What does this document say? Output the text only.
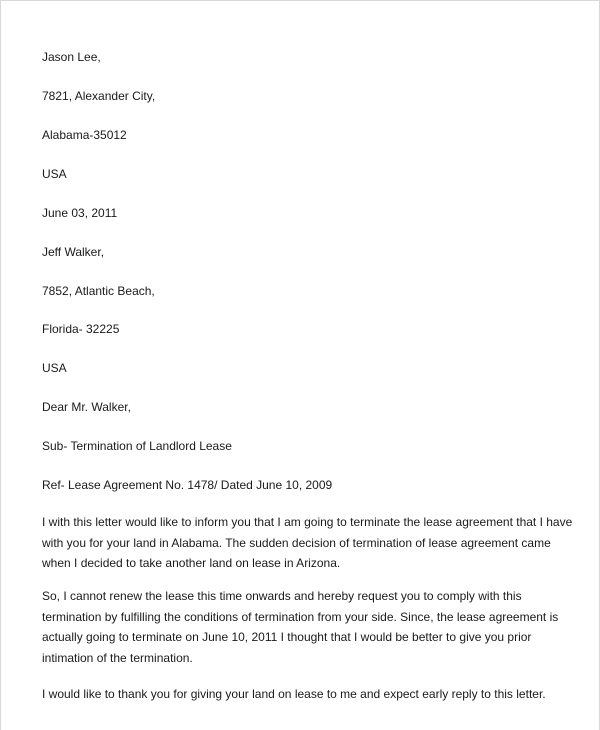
Jason Lee,
7821, Alexander City,
Alabama-35012
USA
June 03, 2011
Jeff Walker,
7852, Atlantic Beach,
Florida- 32225
USA
Dear Mr. Walker,
Sub- Termination of Landlord Lease
Ref- Lease Agreement No. 1478/ Dated June 10, 2009
I with this letter would like to inform you that I am going to terminate the lease agreement that I have
with you for your land in Alabama. The sudden decision of termination of lease agreement came
when I decided to take another land on lease in Arizona.
So, I cannot renew the lease this time onwards and hereby request you to comply with this
termination by fulfilling the conditions of termination from your side. Since, the lease agreement is
actually going to terminate on June 10, 2011 I thought that I would be better to give you prior
intimation of the termination.
I would like to thank you for giving your land on lease to me and expect early reply to this letter.
